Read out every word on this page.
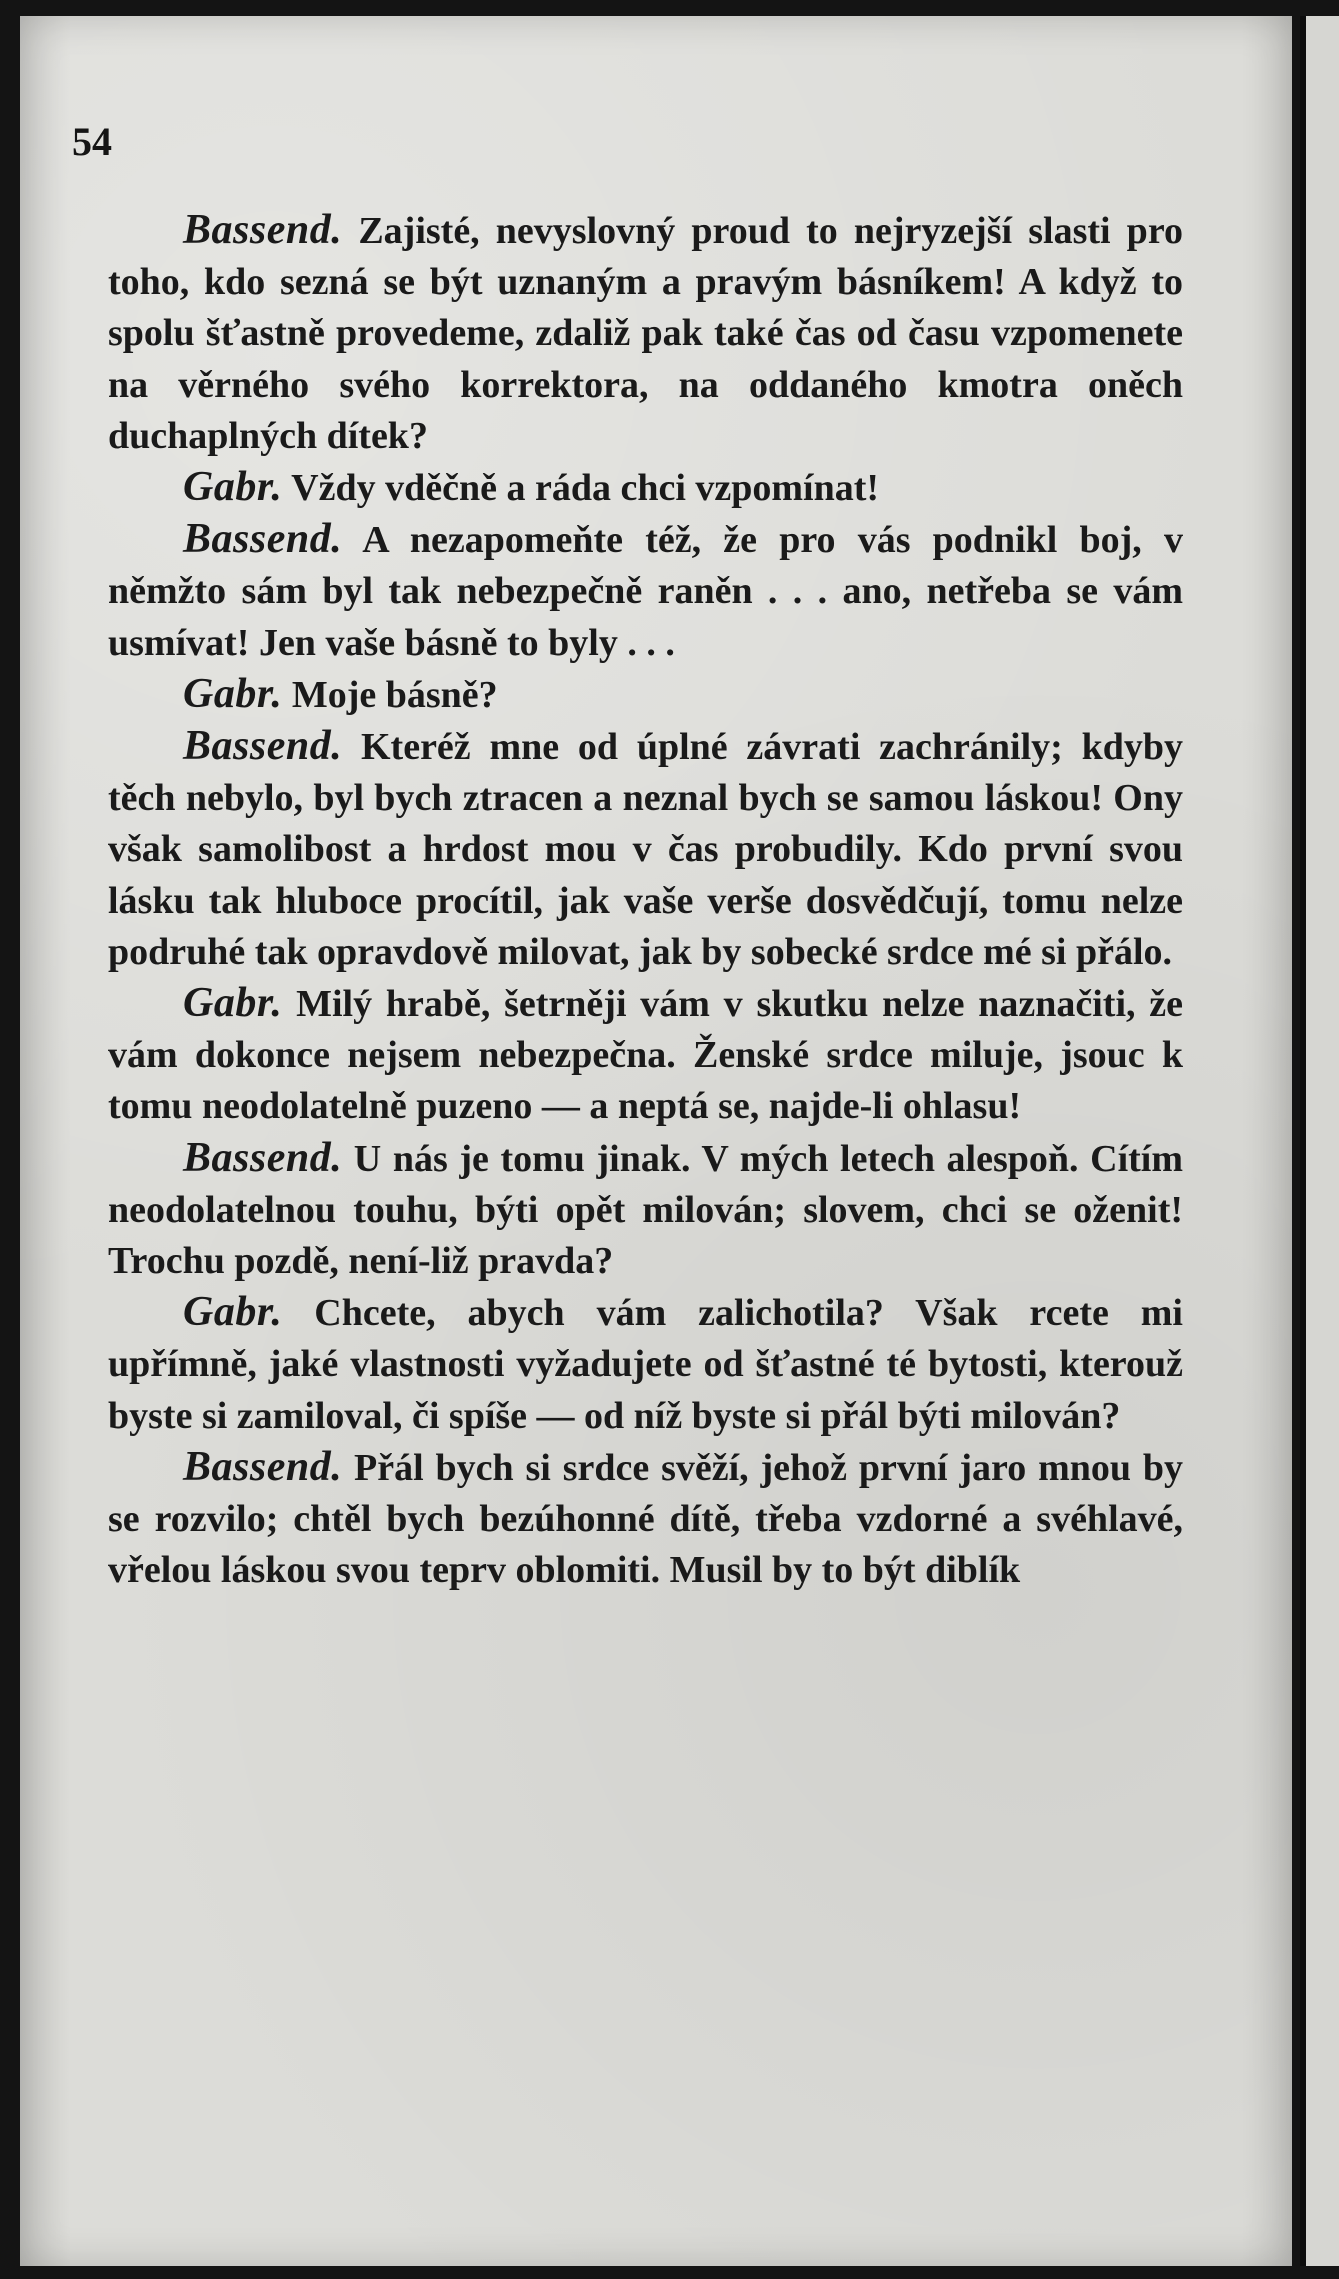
54

Bassend. Zajisté, nevyslovný proud to nejryzejší slasti pro toho, kdo sezná se být uznaným a pravým básníkem! A když to spolu šťastně provedeme, zdaliž pak také čas od času vzpomenete na věrného svého korrektora, na oddaného kmotra oněch duchaplných dítek?

Gabr. Vždy vděčně a ráda chci vzpomínat!

Bassend. A nezapomeňte též, že pro vás podnikl boj, v němžto sám byl tak nebezpečně raněn . . . ano, netřeba se vám usmívat! Jen vaše básně to byly . . .

Gabr. Moje básně?

Bassend. Kteréž mne od úplné závrati zachránily; kdyby těch nebylo, byl bych ztracen a neznal bych se samou láskou! Ony však samolibost a hrdost mou v čas probudily. Kdo první svou lásku tak hluboce procítil, jak vaše verše dosvědčují, tomu nelze podruhé tak opravdově milovat, jak by sobecké srdce mé si přálo.

Gabr. Milý hrabě, šetrněji vám v skutku nelze naznačiti, že vám dokonce nejsem nebezpečna. Ženské srdce miluje, jsouc k tomu neodolatelně puzeno — a neptá se, najde-li ohlasu!

Bassend. U nás je tomu jinak. V mých letech alespoň. Cítím neodolatelnou touhu, býti opět milován; slovem, chci se oženit! Trochu pozdě, není-liž pravda?

Gabr. Chcete, abych vám zalichotila? Však rcete mi upřímně, jaké vlastnosti vyžadujete od šťastné té bytosti, kterouž byste si zamiloval, či spíše — od níž byste si přál býti milován?

Bassend. Přál bych si srdce svěží, jehož první jaro mnou by se rozvilo; chtěl bych bezúhonné dítě, třeba vzdorné a svéhlavé, vřelou láskou svou teprv oblomiti. Musil by to být diblík
